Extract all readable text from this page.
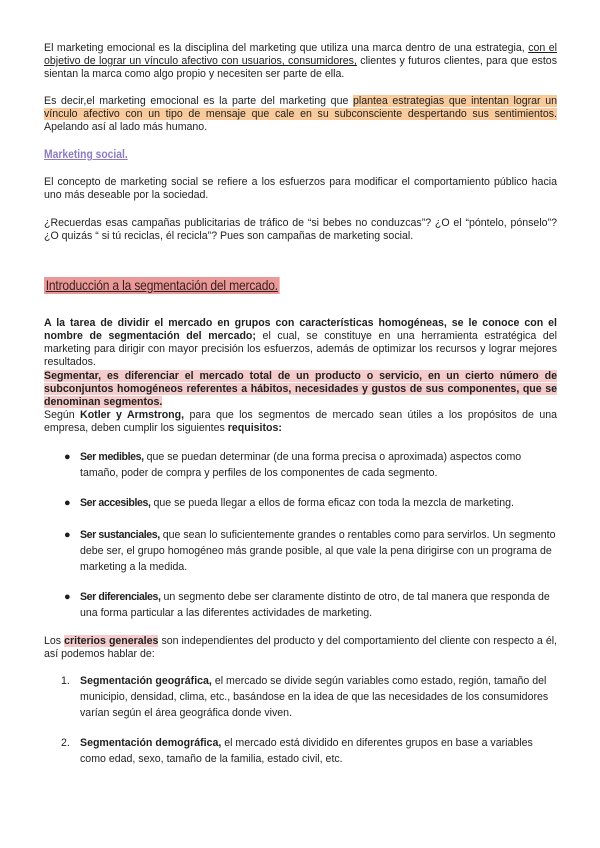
El marketing emocional es la disciplina del marketing que utiliza una marca dentro de una estrategia, con el objetivo de lograr un vínculo afectivo con usuarios, consumidores, clientes y futuros clientes, para que estos sientan la marca como algo propio y necesiten ser parte de ella.

Es decir,el marketing emocional es la parte del marketing que plantea estrategias que intentan lograr un vínculo afectivo con un tipo de mensaje que cale en su subconsciente despertando sus sentimientos. Apelando así al lado más humano.

Marketing social.

El concepto de marketing social se refiere a los esfuerzos para modificar el comportamiento público hacia uno más deseable por la sociedad.

¿Recuerdas esas campañas publicitarias de tráfico de “si bebes no conduzcas”? ¿O el “póntelo, pónselo”? ¿O quizás “ si tú reciclas, él recicla”? Pues son campañas de marketing social.

Introducción a la segmentación del mercado.

A la tarea de dividir el mercado en grupos con características homogéneas, se le conoce con el nombre de segmentación del mercado; el cual, se constituye en una herramienta estratégica del marketing para dirigir con mayor precisión los esfuerzos, además de optimizar los recursos y lograr mejores resultados.

Segmentar, es diferenciar el mercado total de un producto o servicio, en un cierto número de subconjuntos homogéneos referentes a hábitos, necesidades y gustos de sus componentes, que se denominan segmentos.

Según Kotler y Armstrong, para que los segmentos de mercado sean útiles a los propósitos de una empresa, deben cumplir los siguientes requisitos:

● Ser medibles, que se puedan determinar (de una forma precisa o aproximada) aspectos como tamaño, poder de compra y perfiles de los componentes de cada segmento.
● Ser accesibles, que se pueda llegar a ellos de forma eficaz con toda la mezcla de marketing.
● Ser sustanciales, que sean lo suficientemente grandes o rentables como para servirlos. Un segmento debe ser, el grupo homogéneo más grande posible, al que vale la pena dirigirse con un programa de marketing a la medida.
● Ser diferenciales, un segmento debe ser claramente distinto de otro, de tal manera que responda de una forma particular a las diferentes actividades de marketing.

Los criterios generales son independientes del producto y del comportamiento del cliente con respecto a él, así podemos hablar de:

1. Segmentación geográfica, el mercado se divide según variables como estado, región, tamaño del municipio, densidad, clima, etc., basándose en la idea de que las necesidades de los consumidores varían según el área geográfica donde viven.
2. Segmentación demográfica, el mercado está dividido en diferentes grupos en base a variables como edad, sexo, tamaño de la familia, estado civil, etc.
